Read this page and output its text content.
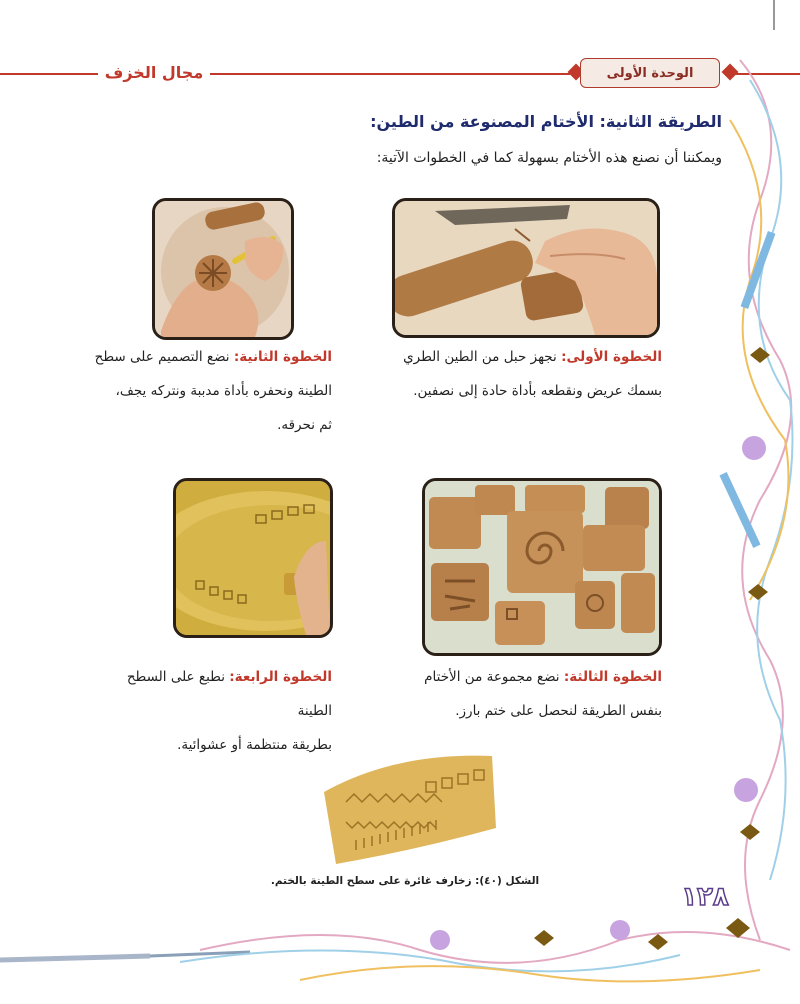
مجال الخزف	الوحدة الأولى
الطريقة الثانية: الأختام المصنوعة من الطين:
ويمكننا أن نصنع هذه الأختام بسهولة كما في الخطوات الآتية:
الخطوة الأولى: نجهز حبل من الطين الطري
بسمك عريض ونقطعه بأداة حادة إلى نصفين.
الخطوة الثانية: نضع التصميم على سطح
الطينة ونحفره بأداة مدببة ونتركه يجف،
ثم نحرقه.
الخطوة الثالثة: نضع مجموعة من الأختام
بنفس الطريقة لنحصل على ختم بارز.
الخطوة الرابعة: نطبع على السطح الطينة
بطريقة منتظمة أو عشوائية.
الشكل (٤٠): زخارف غائرة على سطح الطينة بالختم.
١٢٨
